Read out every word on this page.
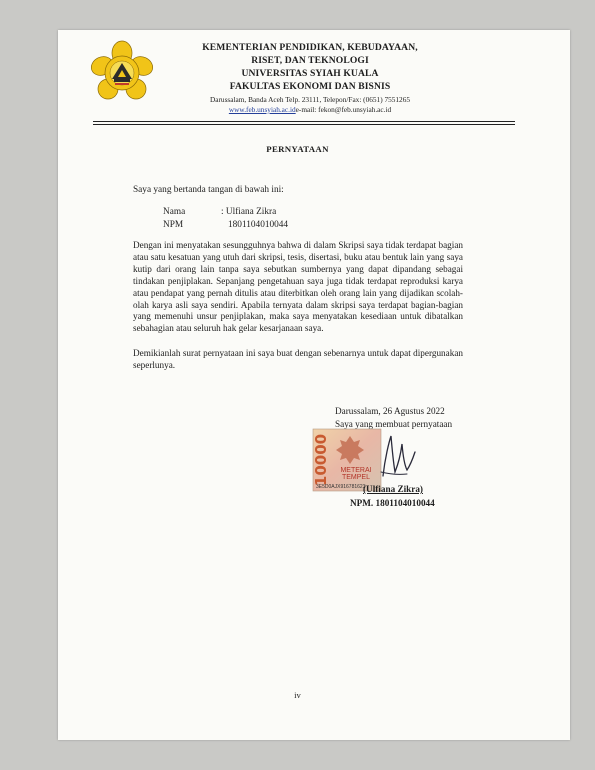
KEMENTERIAN PENDIDIKAN, KEBUDAYAAN,
RISET, DAN TEKNOLOGI
UNIVERSITAS SYIAH KUALA
FAKULTAS EKONOMI DAN BISNIS
Darussalam, Banda Aceh Telp. 23111, Telepon/Fax: (0651) 7551265
www.feb.unsyiah.ac.ide-mail: fekon@feb.unsyiah.ac.id
PERNYATAAN
Saya yang bertanda tangan di bawah ini:
Nama	: Ulfiana Zikra
NPM	1801104010044
Dengan ini menyatakan sesungguhnya bahwa di dalam Skripsi saya tidak terdapat bagian atau satu kesatuan yang utuh dari skripsi, tesis, disertasi, buku atau bentuk lain yang saya kutip dari orang lain tanpa saya sebutkan sumbernya yang dapat dipandang sebagai tindakan penjiplakan. Sepanjang pengetahuan saya juga tidak terdapat reproduksi karya atau pendapat yang pernah ditulis atau diterbitkan oleh orang lain yang dijadikan scolah-olah karya asli saya sendiri. Apabila ternyata dalam skripsi saya terdapat bagian-bagian yang memenuhi unsur penjiplakan, maka saya menyatakan kesediaan untuk dibatalkan sebahagian atau seluruh hak gelar kesarjanaan saya.
Demikianlah surat pernyataan ini saya buat dengan sebenarnya untuk dapat dipergunakan seperlunya.
Darussalam, 26 Agustus 2022
Saya yang membuat pernyataan
10000 METERAI
TEMPEL
3E5D0AJX916781623
(Ulfiana Zikra)
NPM. 1801104010044
iv
